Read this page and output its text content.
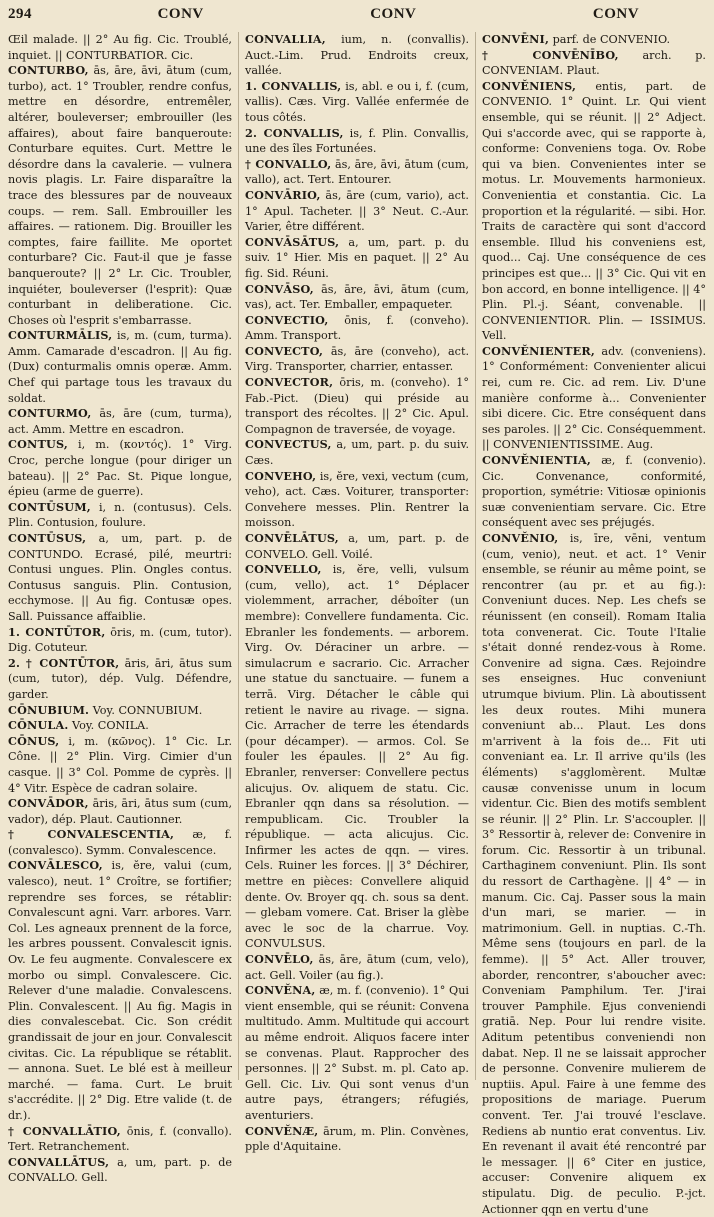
294	CONV	CONV	CONV

Œil malade. || 2° Au fig. Cic. Troublé, inquiet. || CONTURBATIOR. Cic.

CONTURBO, ās, āre, āvi, ātum (cum, turbo), act. 1° Troubler, rendre confus, mettre en désordre, entremêler, altérer, bouleverser; embrouiller (les affaires), about faire banqueroute: Conturbare equites. Curt. Mettre le désordre dans la cavalerie. — vulnera novis plagis. Lr. Faire disparaître la trace des blessures par de nouveaux coups. — rem. Sall. Embrouiller les affaires. — rationem. Dig. Brouiller les comptes, faire faillite. Me oportet conturbare? Cic. Faut-il que je fasse banqueroute? || 2° Lr. Cic. Troubler, inquiéter, bouleverser (l'esprit): Quæ conturbant in deliberatione. Cic. Choses où l'esprit s'embarrasse.

CONTURMĀLIS, is, m. (cum, turma). Amm. Camarade d'escadron. || Au fig. (Dux) conturmalis omnis operæ. Amm. Chef qui partage tous les travaux du soldat.

CONTURMO, ās, āre (cum, turma), act. Amm. Mettre en escadron.

CONTUS, i, m. (κοντός). 1° Virg. Croc, perche longue (pour diriger un bateau). || 2° Pac. St. Pique longue, épieu (arme de guerre).

CONTŪSUM, i, n. (contusus). Cels. Plin. Contusion, foulure.

CONTŪSUS, a, um, part. p. de CONTUNDO. Ecrasé, pilé, meurtri: Contusi ungues. Plin. Ongles contus. Contusus sanguis. Plin. Contusion, ecchymose. || Au fig. Contusæ opes. Sall. Puissance affaiblie.

1. CONTŪTOR, ōris, m. (cum, tutor). Dig. Cotuteur.

2. † CONTŪTOR, āris, āri, ātus sum (cum, tutor), dép. Vulg. Défendre, garder.

CŌNUBIUM. Voy. CONNUBIUM.

CŌNULA. Voy. CONILA.

CŌNUS, i, m. (κῶνος). 1° Cic. Lr. Cône. || 2° Plin. Virg. Cimier d'un casque. || 3° Col. Pomme de cyprès. || 4° Vitr. Espèce de cadran solaire.

CONVĀDOR, āris, āri, ātus sum (cum, vador), dép. Plaut. Cautionner.

† CONVALESCENTIA, æ, f. (convalesco). Symm. Convalescence.

CONVĀLESCO, is, ĕre, valui (cum, valesco), neut. 1° Croître, se fortifier; reprendre ses forces, se rétablir: Convalescunt agni. Varr. arbores. Varr. Col. Les agneaux prennent de la force, les arbres poussent. Convalescit ignis. Ov. Le feu augmente. Convalescere ex morbo ou simpl. Convalescere. Cic. Relever d'une maladie. Convalescens. Plin. Convalescent. || Au fig. Magis in dies convalescebat. Cic. Son crédit grandissait de jour en jour. Convalescit civitas. Cic. La république se rétablit. — annona. Suet. Le blé est à meilleur marché. — fama. Curt. Le bruit s'accrédite. || 2° Dig. Etre valide (t. de dr.).

† CONVALLĀTIO, ōnis, f. (convallo). Tert. Retranchement.

CONVALLĀTUS, a, um, part. p. de CONVALLO. Gell.

CONVALLIA, ium, n. (convallis). Auct.-Lim. Prud. Endroits creux, vallée.

1. CONVALLIS, is, abl. e ou i, f. (cum, vallis). Cæs. Virg. Vallée enfermée de tous côtés.

2. CONVALLIS, is, f. Plin. Convallis, une des îles Fortunées.

† CONVALLO, ās, āre, āvi, ātum (cum, vallo), act. Tert. Entourer.

CONVĀRIO, ās, āre (cum, vario), act. 1° Apul. Tacheter. || 3° Neut. C.-Aur. Varier, être différent.

CONVĀSĀTUS, a, um, part. p. du suiv. 1° Hier. Mis en paquet. || 2° Au fig. Sid. Réuni.

CONVĀSO, ās, āre, āvi, ātum (cum, vas), act. Ter. Emballer, empaqueter.

CONVECTIO, ōnis, f. (conveho). Amm. Transport.

CONVECTO, ās, āre (conveho), act. Virg. Transporter, charrier, entasser.

CONVECTOR, ōris, m. (conveho). 1° Fab.-Pict. (Dieu) qui préside au transport des récoltes. || 2° Cic. Apul. Compagnon de traversée, de voyage.

CONVECTUS, a, um, part. p. du suiv. Cæs.

CONVEHO, is, ĕre, vexi, vectum (cum, veho), act. Cæs. Voiturer, transporter: Convehere messes. Plin. Rentrer la moisson.

CONVĒLĀTUS, a, um, part. p. de CONVELO. Gell. Voilé.

CONVELLO, is, ĕre, velli, vulsum (cum, vello), act. 1° Déplacer violemment, arracher, déboîter (un membre): Convellere fundamenta. Cic. Ebranler les fondements. — arborem. Virg. Ov. Déraciner un arbre. — simulacrum e sacrario. Cic. Arracher une statue du sanctuaire. — funem a terrā. Virg. Détacher le câble qui retient le navire au rivage. — signa. Cic. Arracher de terre les étendards (pour décamper). — armos. Col. Se fouler les épaules. || 2° Au fig. Ebranler, renverser: Convellere pectus alicujus. Ov. aliquem de statu. Cic. Ebranler qqn dans sa résolution. — rempublicam. Cic. Troubler la république. — acta alicujus. Cic. Infirmer les actes de qqn. — vires. Cels. Ruiner les forces. || 3° Déchirer, mettre en pièces: Convellere aliquid dente. Ov. Broyer qq. ch. sous sa dent. — glebam vomere. Cat. Briser la glèbe avec le soc de la charrue. Voy. CONVULSUS.

CONVĒLO, ās, āre, ātum (cum, velo), act. Gell. Voiler (au fig.).

CONVĔNA, æ, m. f. (convenio). 1° Qui vient ensemble, qui se réunit: Convena multitudo. Amm. Multitude qui accourt au même endroit. Aliquos facere inter se convenas. Plaut. Rapprocher des personnes. || 2° Subst. m. pl. Cato ap. Gell. Cic. Liv. Qui sont venus d'un autre pays, étrangers; réfugiés, aventuriers.

CONVĔNÆ, ārum, m. Plin. Convènes, pple d'Aquitaine.

CONVĒNI, parf. de CONVENIO.

† CONVĒNĪBO, arch. p. CONVENIAM. Plaut.

CONVĔNIENS, entis, part. de CONVENIO. 1° Quint. Lr. Qui vient ensemble, qui se réunit. || 2° Adject. Qui s'accorde avec, qui se rapporte à, conforme: Conveniens toga. Ov. Robe qui va bien. Convenientes inter se motus. Lr. Mouvements harmonieux. Convenientia et constantia. Cic. La proportion et la régularité. — sibi. Hor. Traits de caractère qui sont d'accord ensemble. Illud his conveniens est, quod... Caj. Une conséquence de ces principes est que... || 3° Cic. Qui vit en bon accord, en bonne intelligence. || 4° Plin. Pl.-j. Séant, convenable. || CONVENIENTIOR. Plin. — ISSIMUS. Vell.

CONVĔNIENTER, adv. (conveniens). 1° Conformément: Convenienter alicui rei, cum re. Cic. ad rem. Liv. D'une manière conforme à... Convenienter sibi dicere. Cic. Etre conséquent dans ses paroles. || 2° Cic. Conséquemment. || CONVENIENTISSIME. Aug.

CONVĔNIENTIA, æ, f. (convenio). Cic. Convenance, conformité, proportion, symétrie: Vitiosæ opinionis suæ convenientiam servare. Cic. Etre conséquent avec ses préjugés.

CONVĔNIO, is, īre, vēni, ventum (cum, venio), neut. et act. 1° Venir ensemble, se réunir au même point, se rencontrer (au pr. et au fig.): Conveniunt duces. Nep. Les chefs se réunissent (en conseil). Romam Italia tota convenerat. Cic. Toute l'Italie s'était donné rendez-vous à Rome. Convenire ad signa. Cæs. Rejoindre ses enseignes. Huc conveniunt utrumque bivium. Plin. Là aboutissent les deux routes. Mihi munera conveniunt ab... Plaut. Les dons m'arrivent à la fois de... Fit uti conveniant ea. Lr. Il arrive qu'ils (les éléments) s'agglomèrent. Multæ causæ convenisse unum in locum videntur. Cic. Bien des motifs semblent se réunir. || 2° Plin. Lr. S'accoupler. || 3° Ressortir à, relever de: Convenire in forum. Cic. Ressortir à un tribunal. Carthaginem conveniunt. Plin. Ils sont du ressort de Carthagène. || 4° — in manum. Cic. Caj. Passer sous la main d'un mari, se marier. — in matrimonium. Gell. in nuptias. C.-Th. Même sens (toujours en parl. de la femme). || 5° Act. Aller trouver, aborder, rencontrer, s'aboucher avec: Conveniam Pamphilum. Ter. J'irai trouver Pamphile. Ejus conveniendi gratiā. Nep. Pour lui rendre visite. Aditum petentibus conveniendi non dabat. Nep. Il ne se laissait approcher de personne. Convenire mulierem de nuptiis. Apul. Faire à une femme des propositions de mariage. Puerum convent. Ter. J'ai trouvé l'esclave. Rediens ab nuntio erat conventus. Liv. En revenant il avait été rencontré par le messager. || 6° Citer en justice, accuser: Convenire aliquem ex stipulatu. Dig. de peculio. P.-jct. Actionner qqn en vertu d'une
